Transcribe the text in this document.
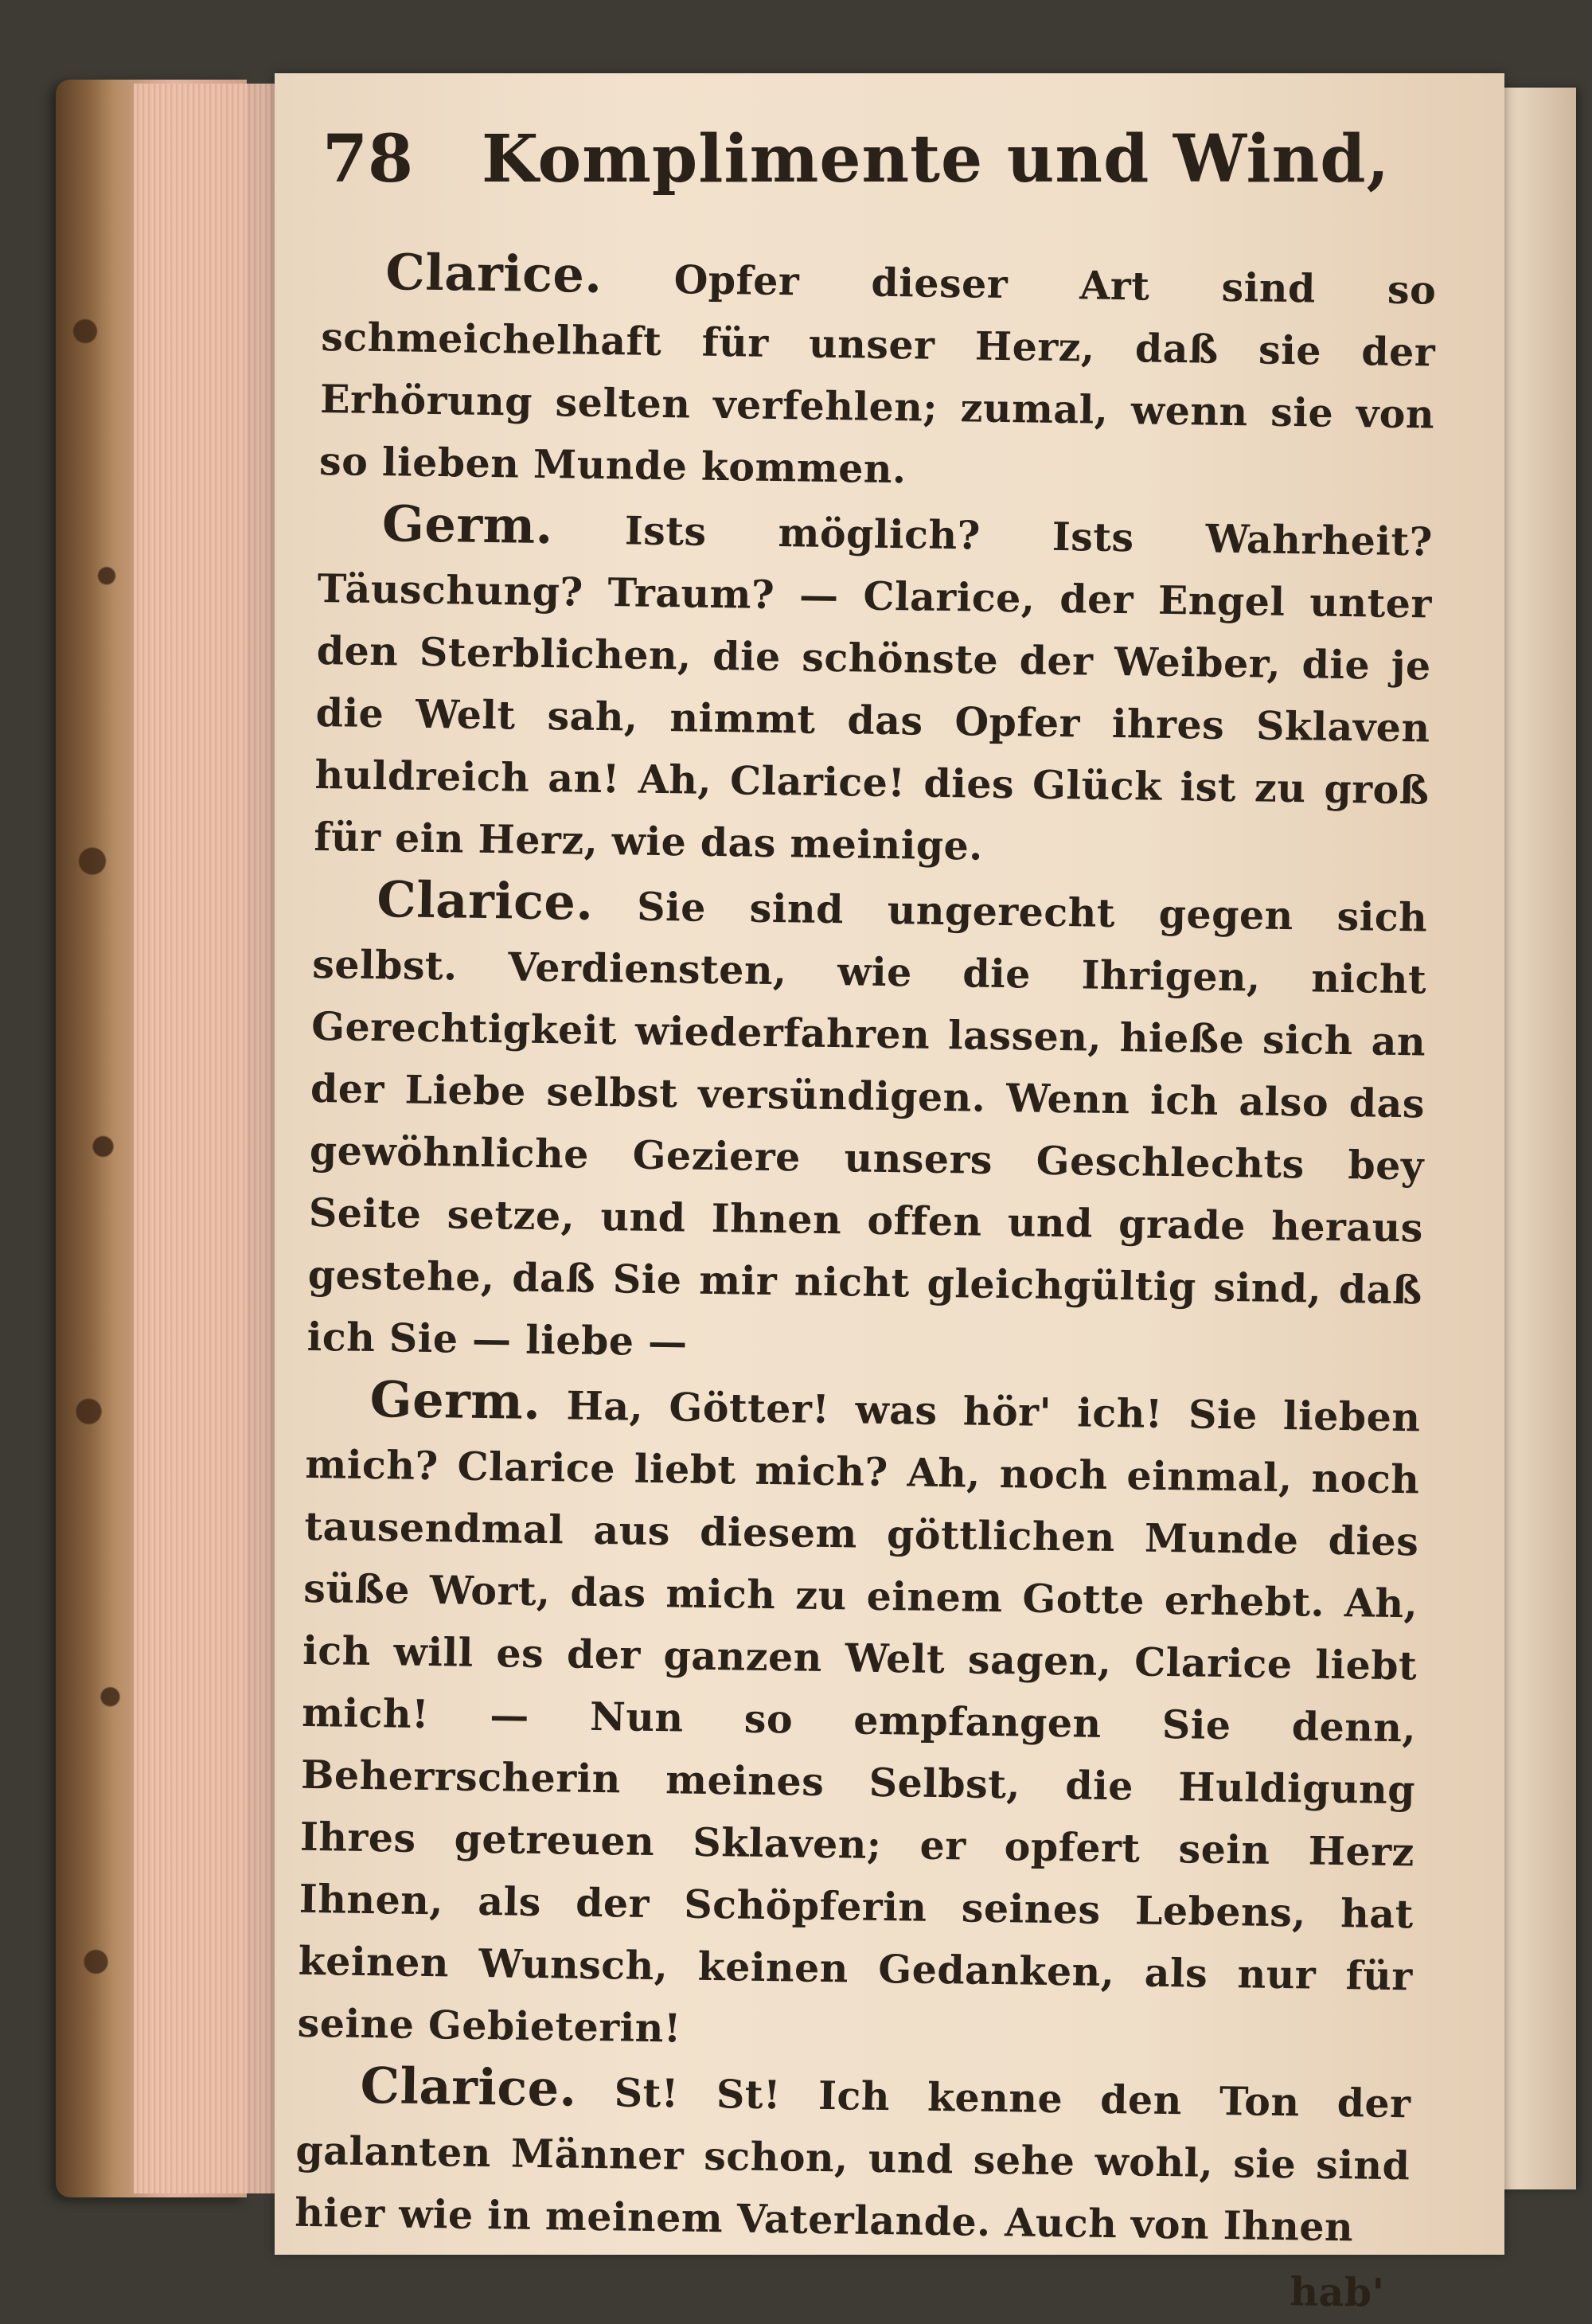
78	Komplimente und Wind,

Clarice. Opfer dieser Art sind so schmeichelhaft für unser Herz, daß sie der Erhörung selten verfehlen; zumal, wenn sie von so lieben Munde kommen.

Germ. Ists möglich? Ists Wahrheit? Täuschung? Traum? — Clarice, der Engel unter den Sterblichen, die schönste der Weiber, die je die Welt sah, nimmt das Opfer ihres Sklaven huldreich an! Ah, Clarice! dies Glück ist zu groß für ein Herz, wie das meinige.

Clarice. Sie sind ungerecht gegen sich selbst. Verdiensten, wie die Ihrigen, nicht Gerechtigkeit wiederfahren lassen, hieße sich an der Liebe selbst versündigen. Wenn ich also das gewöhnliche Geziere unsers Geschlechts bey Seite setze, und Ihnen offen und grade heraus gestehe, daß Sie mir nicht gleichgültig sind, daß ich Sie — liebe —

Germ. Ha, Götter! was hör' ich! Sie lieben mich? Clarice liebt mich? Ah, noch einmal, noch tausendmal aus diesem göttlichen Munde dies süße Wort, das mich zu einem Gotte erhebt. Ah, ich will es der ganzen Welt sagen, Clarice liebt mich! — Nun so empfangen Sie denn, Beherrscherin meines Selbst, die Huldigung Ihres getreuen Sklaven; er opfert sein Herz Ihnen, als der Schöpferin seines Lebens, hat keinen Wunsch, keinen Gedanken, als nur für seine Gebieterin!

Clarice. St! St! Ich kenne den Ton der galanten Männer schon, und sehe wohl, sie sind hier wie in meinem Vaterlande. Auch von Ihnen

hab'
